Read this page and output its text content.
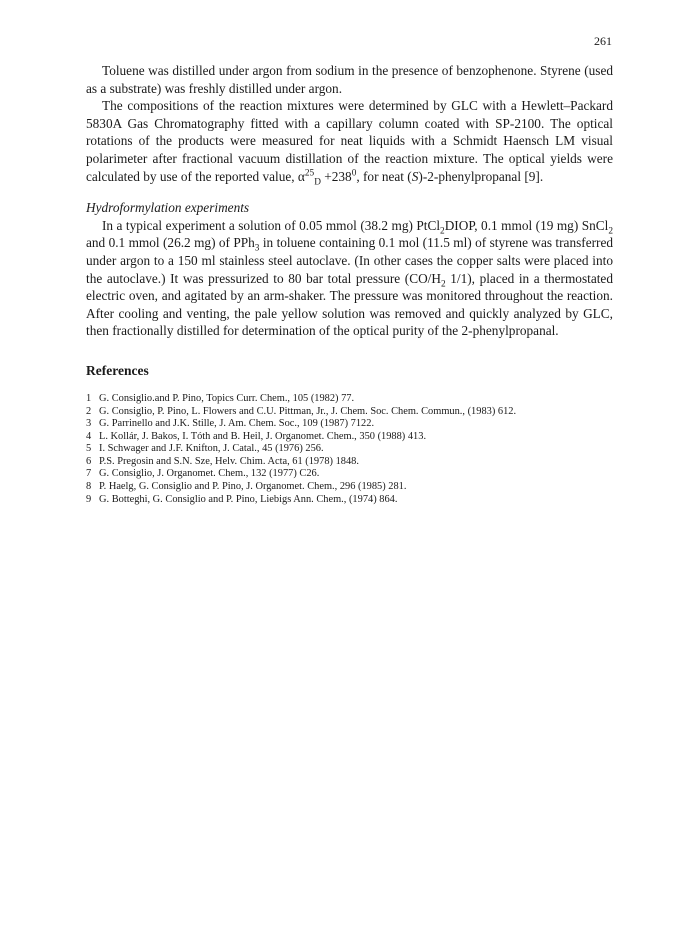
261

Toluene was distilled under argon from sodium in the presence of benzophenone. Styrene (used as a substrate) was freshly distilled under argon.

The compositions of the reaction mixtures were determined by GLC with a Hewlett–Packard 5830A Gas Chromatography fitted with a capillary column coated with SP-2100. The optical rotations of the products were measured for neat liquids with a Schmidt Haensch LM visual polarimeter after fractional vacuum distillation of the reaction mixture. The optical yields were calculated by use of the reported value, $\alpha^{25}_D +238^0$, for neat (S)-2-phenylpropanal [9].

Hydroformylation experiments

In a typical experiment a solution of 0.05 mmol (38.2 mg) PtCl$_2$DIOP, 0.1 mmol (19 mg) SnCl$_2$ and 0.1 mmol (26.2 mg) of PPh$_3$ in toluene containing 0.1 mol (11.5 ml) of styrene was transferred under argon to a 150 ml stainless steel autoclave. (In other cases the copper salts were placed into the autoclave.) It was pressurized to 80 bar total pressure ($CO/H_2$ 1/1), placed in a thermostated electric oven, and agitated by an arm-shaker. The pressure was monitored throughout the reaction. After cooling and venting, the pale yellow solution was removed and quickly analyzed by GLC, then fractionally distilled for determination of the optical purity of the 2-phenylpropanal.

References
1 G. Consiglio.and P. Pino, Topics Curr. Chem., 105 (1982) 77.
2 G. Consiglio, P. Pino, L. Flowers and C.U. Pittman, Jr., J. Chem. Soc. Chem. Commun., (1983) 612.
3 G. Parrinello and J.K. Stille, J. Am. Chem. Soc., 109 (1987) 7122.
4 L. Kollár, J. Bakos, I. Tóth and B. Heil, J. Organomet. Chem., 350 (1988) 413.
5 I. Schwager and J.F. Knifton, J. Catal., 45 (1976) 256.
6 P.S. Pregosin and S.N. Sze, Helv. Chim. Acta, 61 (1978) 1848.
7 G. Consiglio, J. Organomet. Chem., 132 (1977) C26.
8 P. Haelg, G. Consiglio and P. Pino, J. Organomet. Chem., 296 (1985) 281.
9 G. Botteghi, G. Consiglio and P. Pino, Liebigs Ann. Chem., (1974) 864.
